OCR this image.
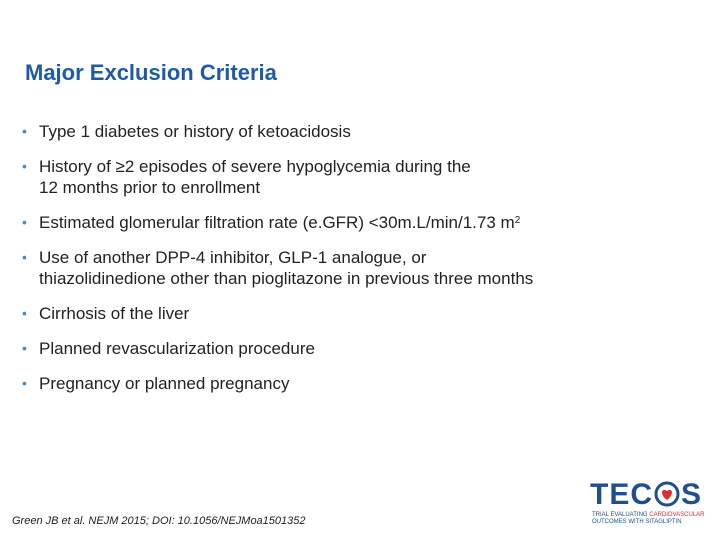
Major Exclusion Criteria
• Type 1 diabetes or history of ketoacidosis
• History of ≥2 episodes of severe hypoglycemia during the
12 months prior to enrollment
• Estimated glomerular filtration rate (e.GFR) <30m.L/min/1.73 $m^2$
• Use of another DPP-4 inhibitor, GLP-1 analogue, or
thiazolidinedione other than pioglitazone in previous three months
• Cirrhosis of the liver
• Planned revascularization procedure
• Pregnancy or planned pregnancy
Green JB et al. NEJM 2015; DOI: 10.1056/NEJMoa1501352
TEC S
TRIAL EVALUATING CARDIOVASCULAR
OUTCOMES WITH SITAGLIPTIN
